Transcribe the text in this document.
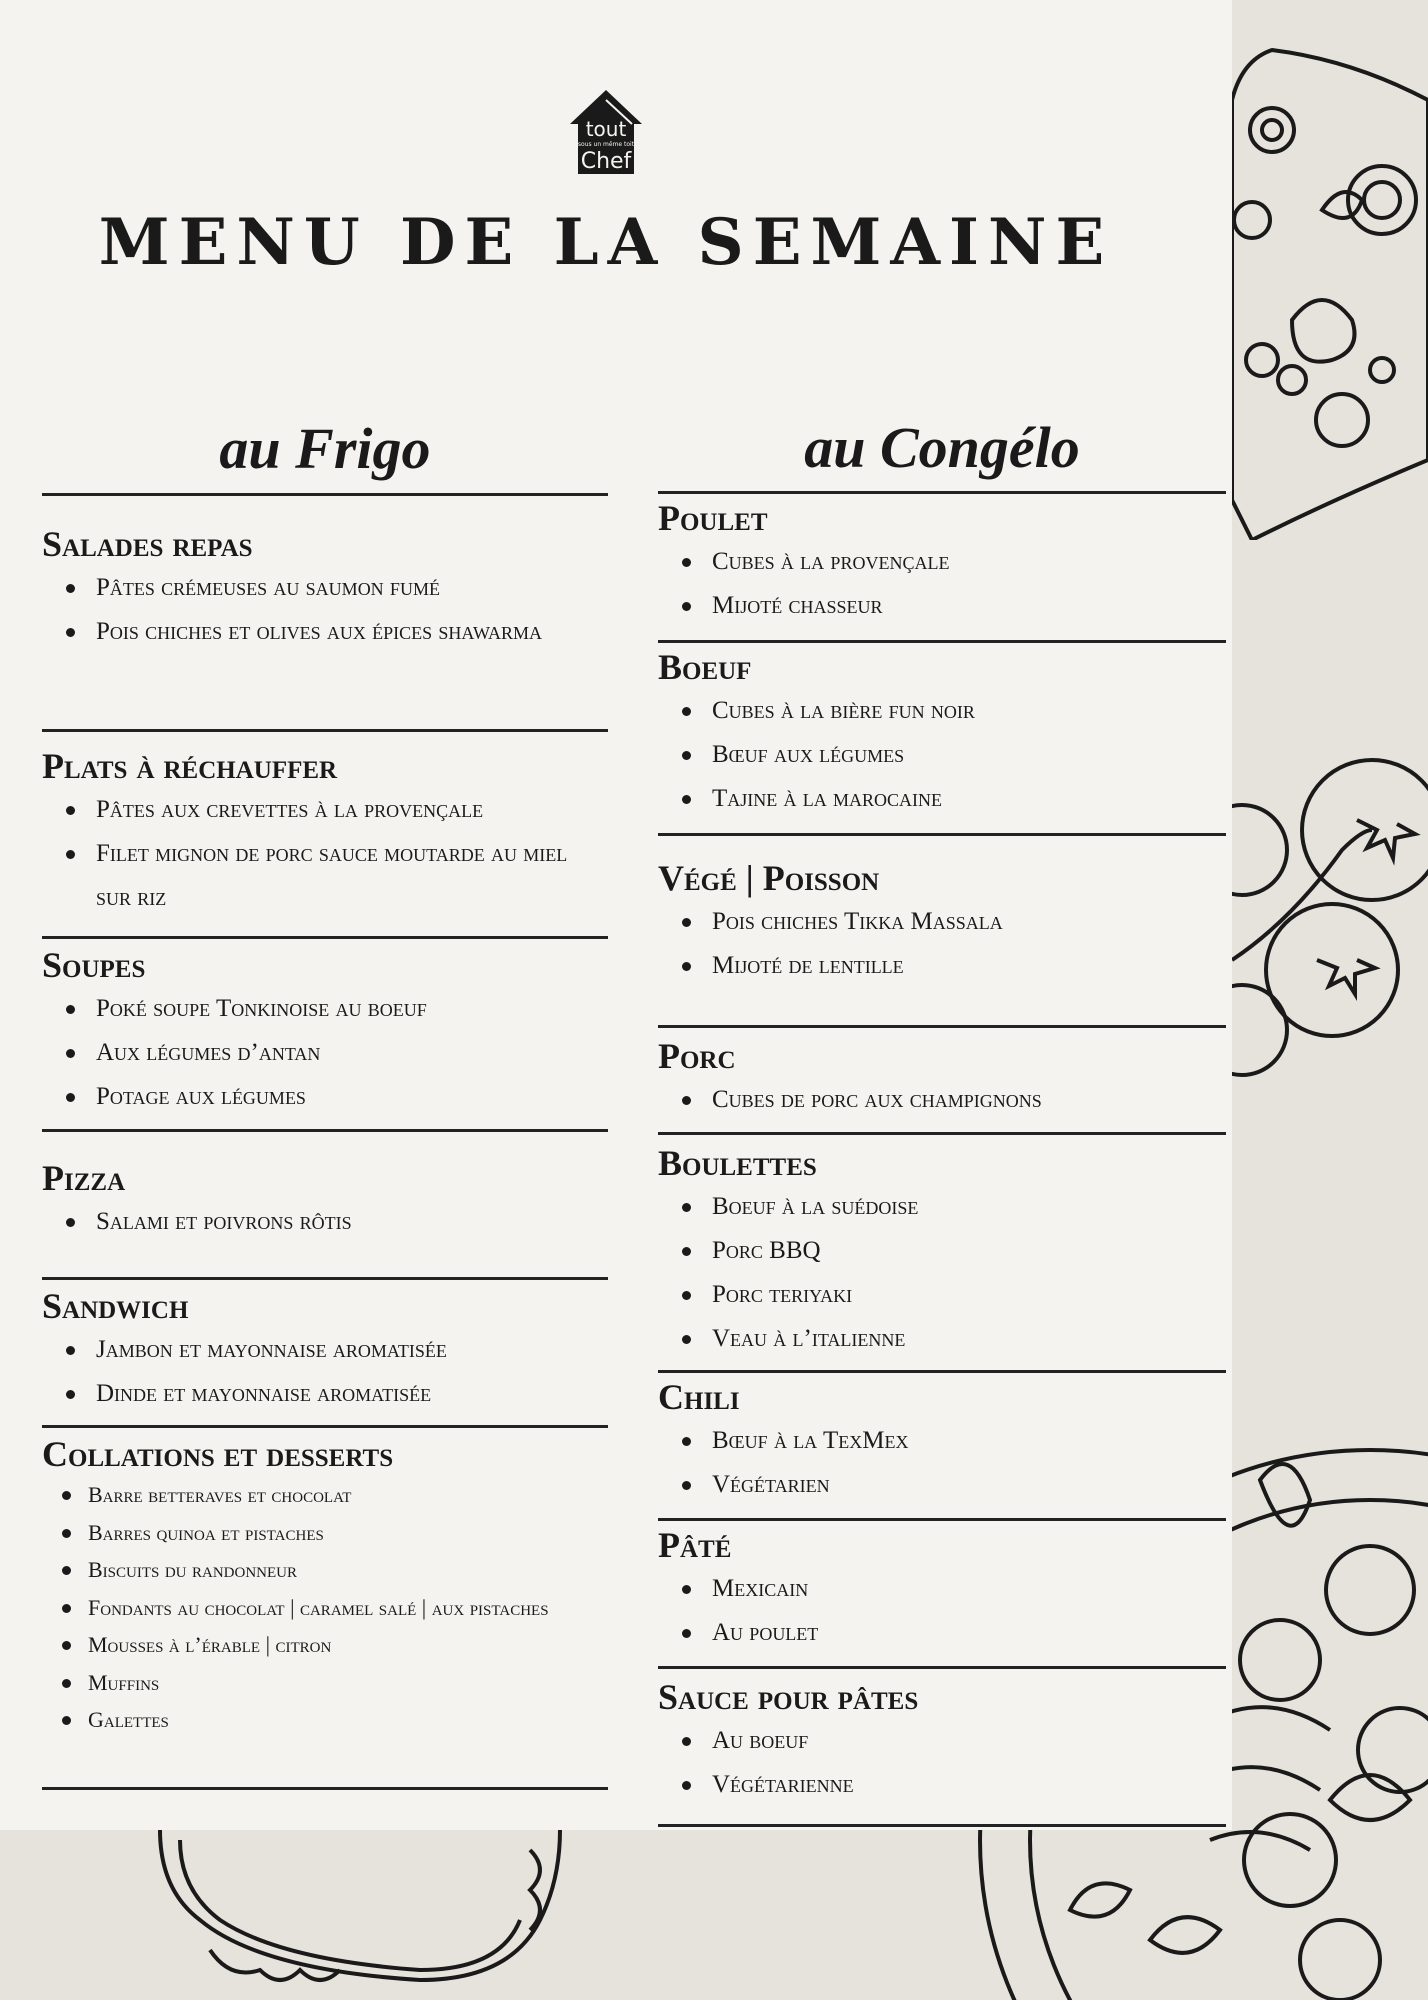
tout
sous un même toit
Chef
MENU DE LA SEMAINE
au Frigo
Salades repas
Pâtes crémeuses au saumon fumé
Pois chiches et olives aux épices shawarma
Plats à réchauffer
Pâtes aux crevettes à la provençale
Filet mignon de porc sauce moutarde au miel sur riz
Soupes
Poké soupe Tonkinoise au boeuf
Aux légumes d’antan
Potage aux légumes
Pizza
Salami et poivrons rôtis
Sandwich
Jambon et mayonnaise aromatisée
Dinde et mayonnaise aromatisée
Collations et desserts
Barre betteraves et chocolat
Barres quinoa et pistaches
Biscuits du randonneur
Fondants au chocolat | caramel salé | aux pistaches
Mousses à l’érable | citron
Muffins
Galettes
au Congélo
Poulet
Cubes à la provençale
Mijoté chasseur
Boeuf
Cubes à la bière fun noir
Bœuf aux légumes
Tajine à la marocaine
Végé | Poisson
Pois chiches Tikka Massala
Mijoté de lentille
Porc
Cubes de porc aux champignons
Boulettes
Boeuf à la suédoise
Porc BBQ
Porc teriyaki
Veau à l’italienne
Chili
Bœuf à la TexMex
Végétarien
Pâté
Mexicain
Au poulet
Sauce pour pâtes
Au boeuf
Végétarienne
